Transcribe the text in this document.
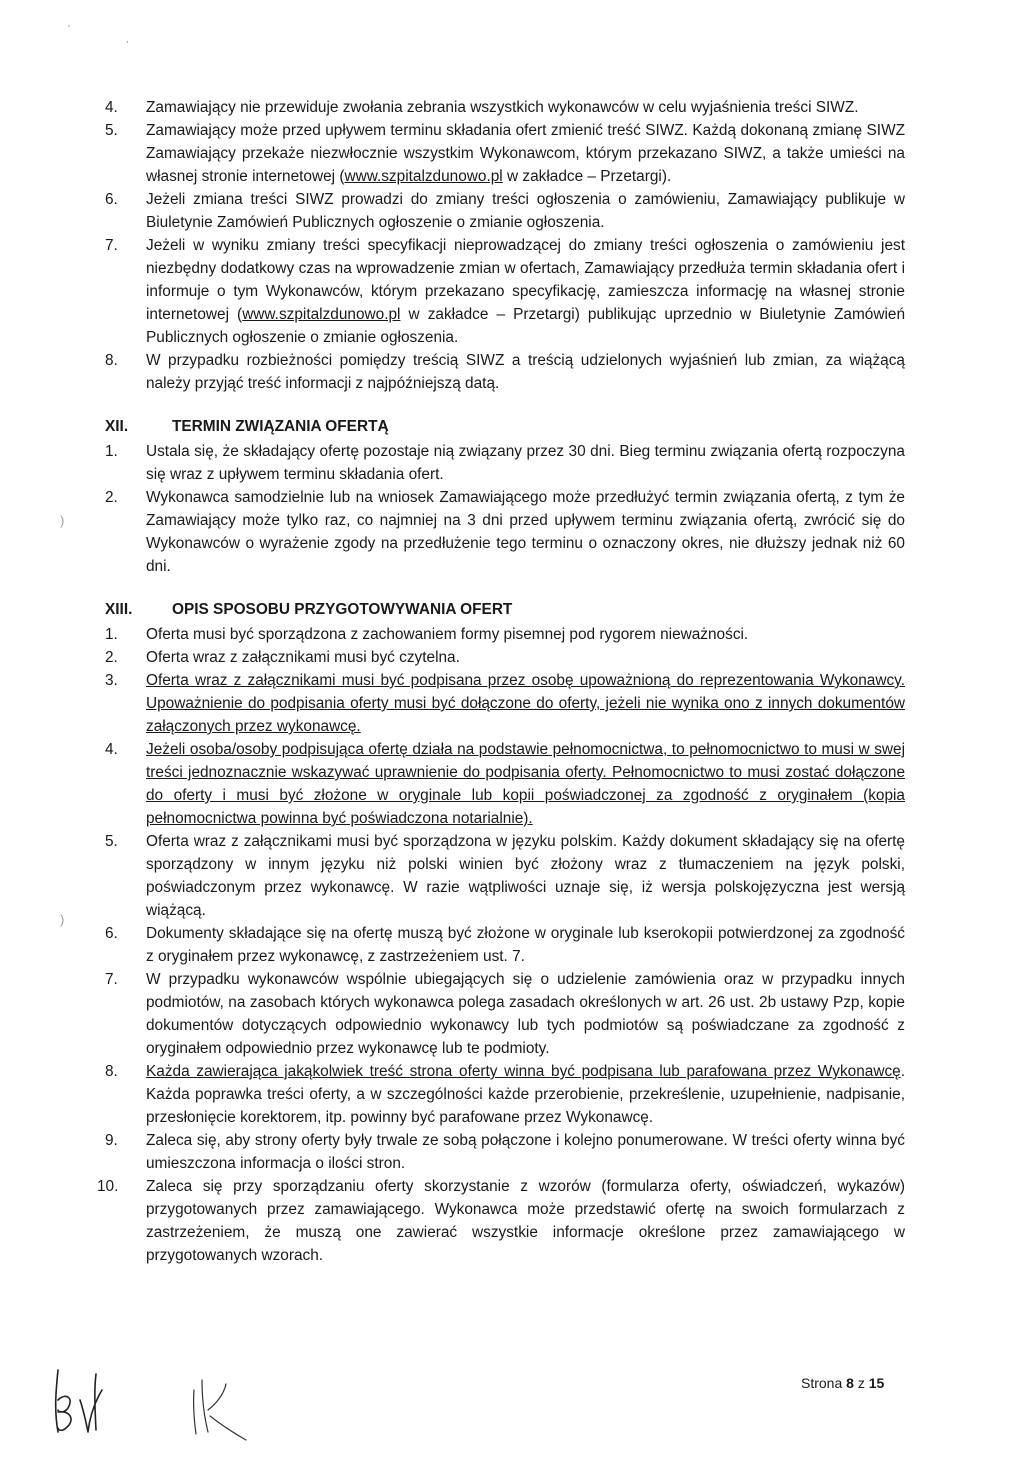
'
,
)
)
4.	Zamawiający nie przewiduje zwołania zebrania wszystkich wykonawców w celu wyjaśnienia treści SIWZ.
5.	Zamawiający może przed upływem terminu składania ofert zmienić treść SIWZ. Każdą dokonaną zmianę SIWZ Zamawiający przekaże niezwłocznie wszystkim Wykonawcom, którym przekazano SIWZ, a także umieści na własnej stronie internetowej (www.szpitalzdunowo.pl w zakładce – Przetargi).
6.	Jeżeli zmiana treści SIWZ prowadzi do zmiany treści ogłoszenia o zamówieniu, Zamawiający publikuje w Biuletynie Zamówień Publicznych ogłoszenie o zmianie ogłoszenia.
7.	Jeżeli w wyniku zmiany treści specyfikacji nieprowadzącej do zmiany treści ogłoszenia o zamówieniu jest niezbędny dodatkowy czas na wprowadzenie zmian w ofertach, Zamawiający przedłuża termin składania ofert i informuje o tym Wykonawców, którym przekazano specyfikację, zamieszcza informację na własnej stronie internetowej (www.szpitalzdunowo.pl w zakładce – Przetargi) publikując uprzednio w Biuletynie Zamówień Publicznych ogłoszenie o zmianie ogłoszenia.
8.	W przypadku rozbieżności pomiędzy treścią SIWZ a treścią udzielonych wyjaśnień lub zmian, za wiążącą należy przyjąć treść informacji z najpóźniejszą datą.
XII.	TERMIN ZWIĄZANIA OFERTĄ
1.	Ustala się, że składający ofertę pozostaje nią związany przez 30 dni. Bieg terminu związania ofertą rozpoczyna się wraz z upływem terminu składania ofert.
2.	Wykonawca samodzielnie lub na wniosek Zamawiającego może przedłużyć termin związania ofertą, z tym że Zamawiający może tylko raz, co najmniej na 3 dni przed upływem terminu związania ofertą, zwrócić się do Wykonawców o wyrażenie zgody na przedłużenie tego terminu o oznaczony okres, nie dłuższy jednak niż 60 dni.
XIII.	OPIS SPOSOBU PRZYGOTOWYWANIA OFERT
1.	Oferta musi być sporządzona z zachowaniem formy pisemnej pod rygorem nieważności.
2.	Oferta wraz z załącznikami musi być czytelna.
3.	Oferta wraz z załącznikami musi być podpisana przez osobę upoważnioną do reprezentowania Wykonawcy. Upoważnienie do podpisania oferty musi być dołączone do oferty, jeżeli nie wynika ono z innych dokumentów załączonych przez wykonawcę.
4.	Jeżeli osoba/osoby podpisująca ofertę działa na podstawie pełnomocnictwa, to pełnomocnictwo to musi w swej treści jednoznacznie wskazywać uprawnienie do podpisania oferty. Pełnomocnictwo to musi zostać dołączone do oferty i musi być złożone w oryginale lub kopii poświadczonej za zgodność z oryginałem (kopia pełnomocnictwa powinna być poświadczona notarialnie).
5.	Oferta wraz z załącznikami musi być sporządzona w języku polskim. Każdy dokument składający się na ofertę sporządzony w innym języku niż polski winien być złożony wraz z tłumaczeniem na język polski, poświadczonym przez wykonawcę. W razie wątpliwości uznaje się, iż wersja polskojęzyczna jest wersją wiążącą.
6.	Dokumenty składające się na ofertę muszą być złożone w oryginale lub kserokopii potwierdzonej za zgodność z oryginałem przez wykonawcę, z zastrzeżeniem ust. 7.
7.	W przypadku wykonawców wspólnie ubiegających się o udzielenie zamówienia oraz w przypadku innych podmiotów, na zasobach których wykonawca polega zasadach określonych w art. 26 ust. 2b ustawy Pzp, kopie dokumentów dotyczących odpowiednio wykonawcy lub tych podmiotów są poświadczane za zgodność z oryginałem odpowiednio przez wykonawcę lub te podmioty.
8.	Każda zawierająca jakąkolwiek treść strona oferty winna być podpisana lub parafowana przez Wykonawcę. Każda poprawka treści oferty, a w szczególności każde przerobienie, przekreślenie, uzupełnienie, nadpisanie, przesłonięcie korektorem, itp. powinny być parafowane przez Wykonawcę.
9.	Zaleca się, aby strony oferty były trwale ze sobą połączone i kolejno ponumerowane. W treści oferty winna być umieszczona informacja o ilości stron.
10.	Zaleca się przy sporządzaniu oferty skorzystanie z wzorów (formularza oferty, oświadczeń, wykazów) przygotowanych przez zamawiającego. Wykonawca może przedstawić ofertę na swoich formularzach z zastrzeżeniem, że muszą one zawierać wszystkie informacje określone przez zamawiającego w przygotowanych wzorach.
Strona 8 z 15
